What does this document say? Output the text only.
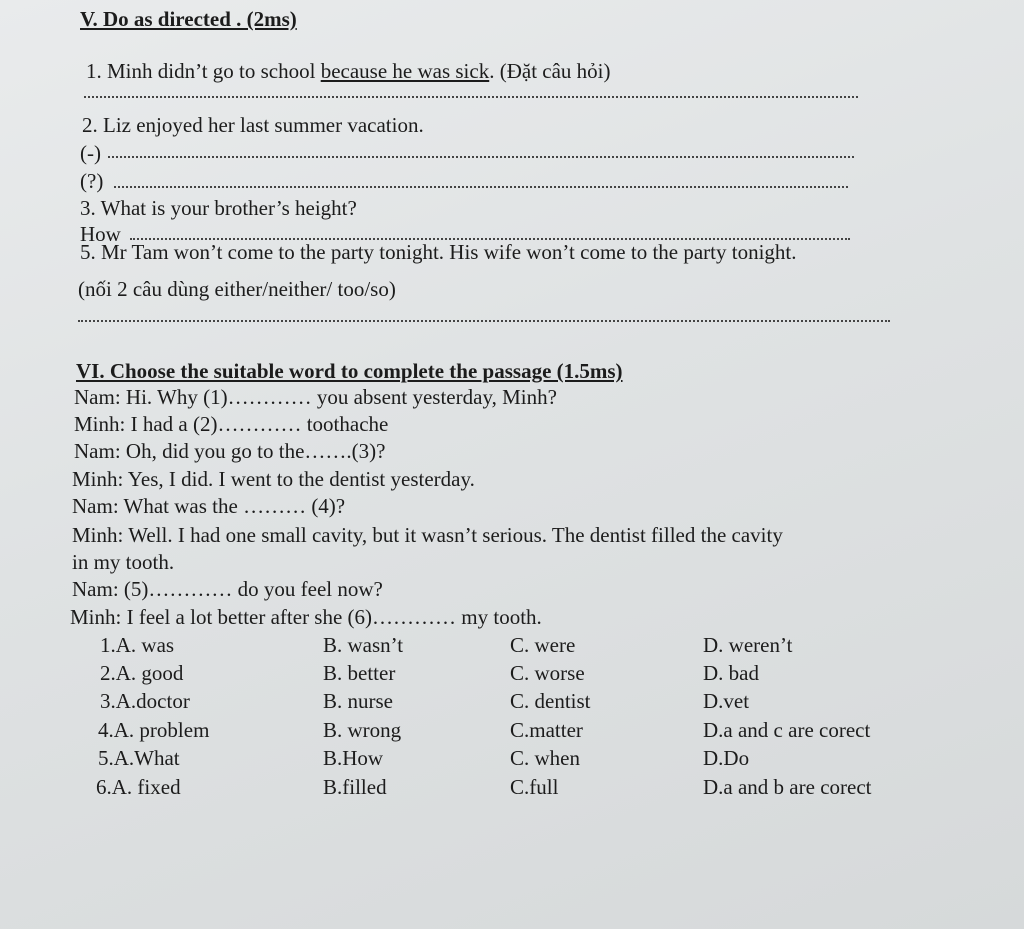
V. Do as directed . (2ms)
1. Minh didn’t go to school because he was sick. (Đặt câu hỏi)
2. Liz enjoyed her last summer vacation.
(-)
(?)
3. What is your brother’s height?
How
5. Mr Tam won’t come to the party tonight. His wife won’t come to the party tonight.
(nối 2 câu dùng either/neither/ too/so)
VI. Choose the suitable word to complete the passage (1.5ms)
Nam: Hi. Why (1)………… you absent yesterday, Minh?
Minh: I had a (2)………… toothache
Nam: Oh, did you go to the…….(3)?
Minh: Yes, I did. I went to the dentist yesterday.
Nam: What was the ……… (4)?
Minh: Well. I had one small cavity, but it wasn’t serious. The dentist filled the cavity
in my tooth.
Nam: (5)………… do you feel now?
Minh: I feel a lot better after she (6)………… my tooth.
1.A. was	B. wasn’t	C. were	D. weren’t
2.A. good	B. better	C. worse	D. bad
3.A.doctor	B. nurse	C. dentist	D.vet
4.A. problem	B. wrong	C.matter	D.a and c are corect
5.A.What	B.How	C. when	D.Do
6.A. fixed	B.filled	C.full	D.a and b are corect
